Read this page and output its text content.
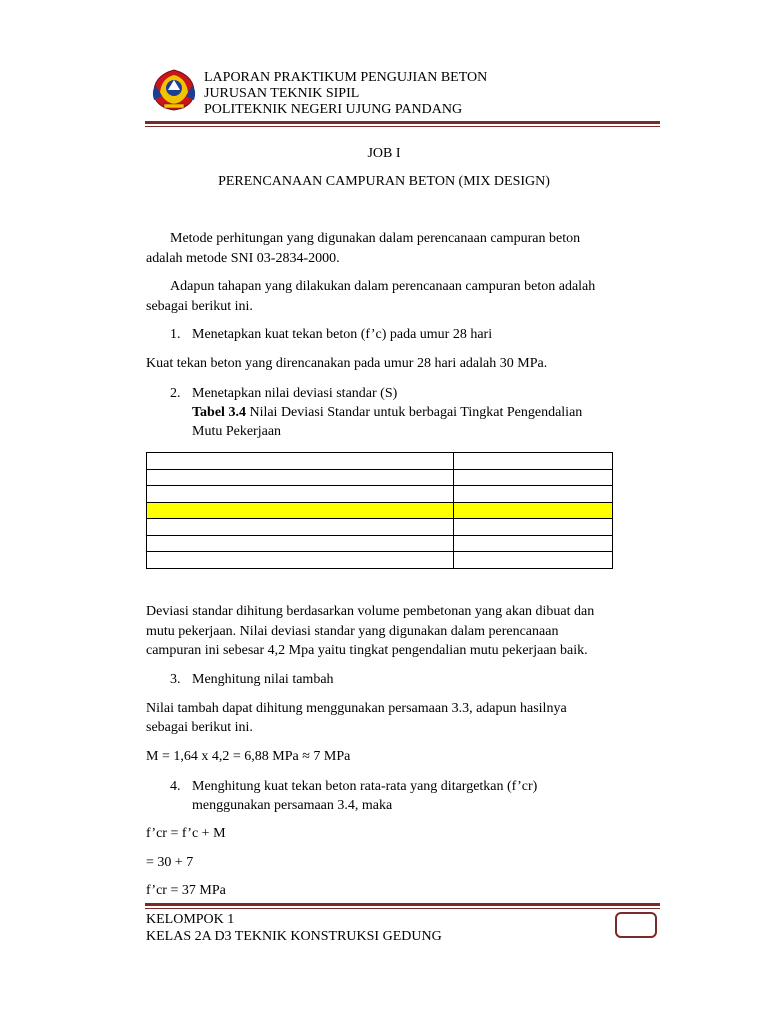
LAPORAN PRAKTIKUM PENGUJIAN BETON
JURUSAN TEKNIK SIPIL
POLITEKNIK NEGERI UJUNG PANDANG
JOB I
PERENCANAAN CAMPURAN BETON (MIX DESIGN)
Metode perhitungan yang digunakan dalam perencanaan campuran beton
adalah metode SNI 03-2834-2000.
Adapun tahapan yang dilakukan dalam perencanaan campuran beton adalah
sebagai berikut ini.
1. Menetapkan kuat tekan beton (f’c) pada umur 28 hari
Kuat tekan beton yang direncanakan pada umur 28 hari adalah 30 MPa.
2. Menetapkan nilai deviasi standar (S)
Tabel 3.4 Nilai Deviasi Standar untuk berbagai Tingkat Pengendalian
Mutu Pekerjaan

Deviasi standar dihitung berdasarkan volume pembetonan yang akan dibuat dan
mutu pekerjaan. Nilai deviasi standar yang digunakan dalam perencanaan
campuran ini sebesar 4,2 Mpa yaitu tingkat pengendalian mutu pekerjaan baik.
3. Menghitung nilai tambah
Nilai tambah dapat dihitung menggunakan persamaan 3.3, adapun hasilnya
sebagai berikut ini.
M = 1,64 x 4,2 = 6,88 MPa ≈ 7 MPa
4. Menghitung kuat tekan beton rata-rata yang ditargetkan (f’cr)
menggunakan persamaan 3.4, maka
f’cr = f’c + M
= 30 + 7
f’cr = 37 MPa
KELOMPOK 1
KELAS 2A D3 TEKNIK KONSTRUKSI GEDUNG
